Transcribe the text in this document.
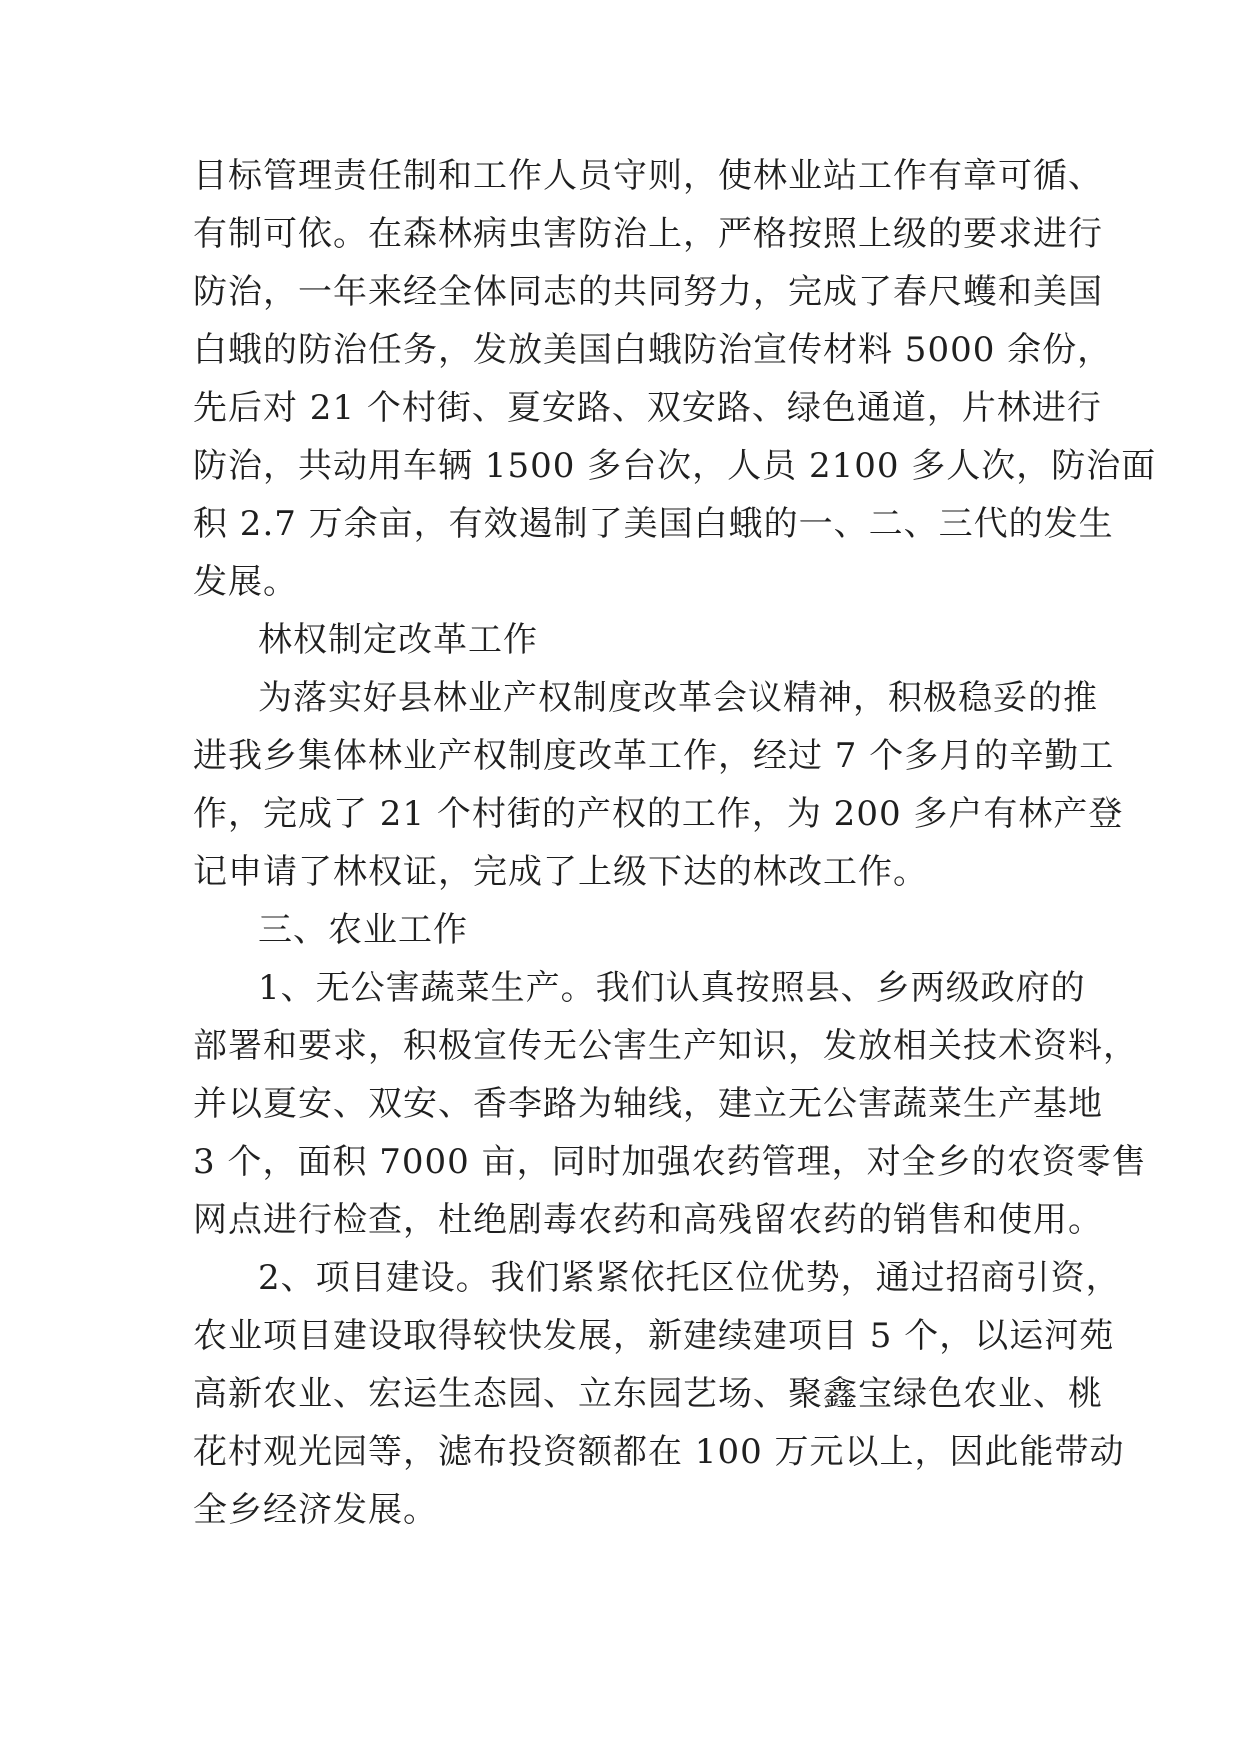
目标管理责任制和工作人员守则，使林业站工作有章可循、
有制可依。在森林病虫害防治上，严格按照上级的要求进行
防治，一年来经全体同志的共同努力，完成了春尺蠖和美国
白蛾的防治任务，发放美国白蛾防治宣传材料 5000 余份，
先后对 21 个村街、夏安路、双安路、绿色通道，片林进行
防治，共动用车辆 1500 多台次，人员 2100 多人次，防治面
积 2.7 万余亩，有效遏制了美国白蛾的一、二、三代的发生
发展。
林权制定改革工作
为落实好县林业产权制度改革会议精神，积极稳妥的推
进我乡集体林业产权制度改革工作，经过 7 个多月的辛勤工
作，完成了 21 个村街的产权的工作，为 200 多户有林产登
记申请了林权证，完成了上级下达的林改工作。
三、农业工作
1、无公害蔬菜生产。我们认真按照县、乡两级政府的
部署和要求，积极宣传无公害生产知识，发放相关技术资料，
并以夏安、双安、香李路为轴线，建立无公害蔬菜生产基地
3 个，面积 7000 亩，同时加强农药管理，对全乡的农资零售
网点进行检查，杜绝剧毒农药和高残留农药的销售和使用。
2、项目建设。我们紧紧依托区位优势，通过招商引资，
农业项目建设取得较快发展，新建续建项目 5 个，以运河苑
高新农业、宏运生态园、立东园艺场、聚鑫宝绿色农业、桃
花村观光园等，滤布投资额都在 100 万元以上，因此能带动
全乡经济发展。
